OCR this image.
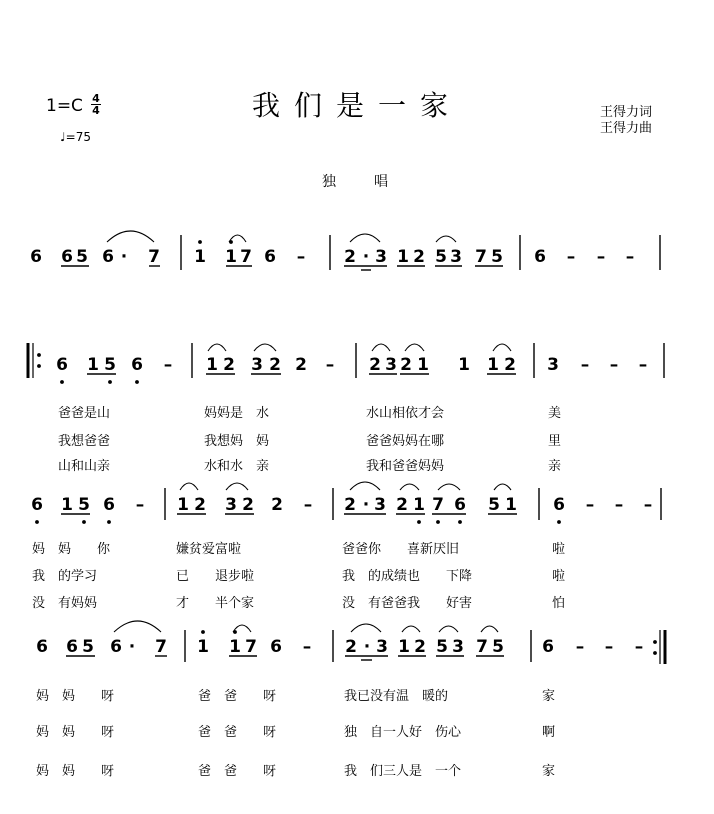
我们是一家
1=C 4
4
♩=75
王得力词
王得力曲
独　唱
6 6 5 6 · 7 1 1 7 6 – 2 · 3 1 2 5 3 7 5 6 – – –
6 1 5 6 – 1 2 3 2 2 – 2 3 2 1 1 1 2 3 – – –
6 1 5 6 – 1 2 3 2 2 – 2 · 3 2 1 7 6 5 1 6 – – –
6 6 5 6 · 7 1 1 7 6 – 2 · 3 1 2 5 3 7 5 6 – – –
爸爸是山	妈妈是　水	水山相依才会	美
我想爸爸	我想妈　妈	爸爸妈妈在哪	里
山和山亲	水和水　亲	我和爸爸妈妈	亲
妈　妈　　你	嫌贫爱富啦	爸爸你　　喜新厌旧	啦
我　的学习	已　　退步啦	我　的成绩也　　下降	啦
没　有妈妈	才　　半个家	没　有爸爸我　　好害	怕
妈　妈　　呀	爸　爸　　呀	我已没有温　暖的	家
妈　妈　　呀	爸　爸　　呀	独　自一人好　伤心	啊
妈　妈　　呀	爸　爸　　呀	我　们三人是　一个	家
